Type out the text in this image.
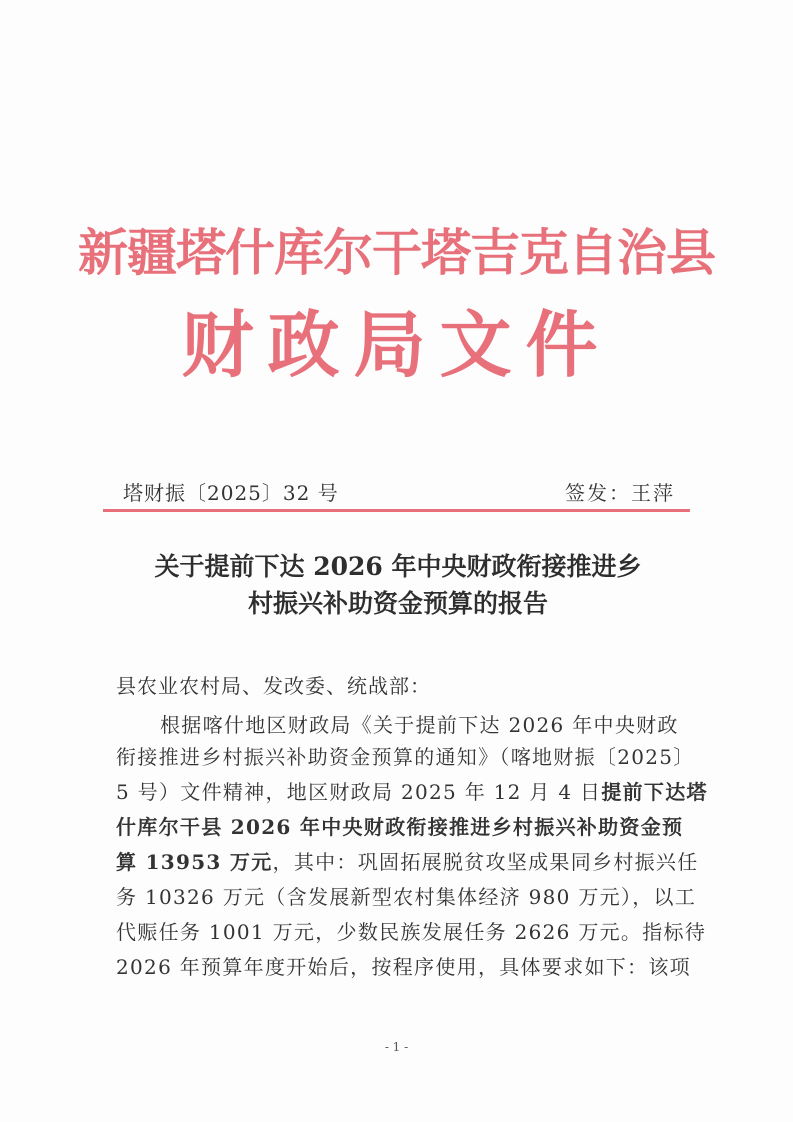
新疆塔什库尔干塔吉克自治县
财政局文件
塔财振〔2025〕32 号	签发：王萍
关于提前下达 2026 年中央财政衔接推进乡
村振兴补助资金预算的报告
县农业农村局、发改委、统战部：
根据喀什地区财政局《关于提前下达 2026 年中央财政
衔接推进乡村振兴补助资金预算的通知》（喀地财振〔2025〕
5 号）文件精神，地区财政局 2025 年 12 月 4 日提前下达塔
什库尔干县 2026 年中央财政衔接推进乡村振兴补助资金预
算 13953 万元，其中：巩固拓展脱贫攻坚成果同乡村振兴任
务 10326 万元（含发展新型农村集体经济 980 万元），以工
代赈任务 1001 万元，少数民族发展任务 2626 万元。指标待
2026 年预算年度开始后，按程序使用，具体要求如下：该项
- 1 -
